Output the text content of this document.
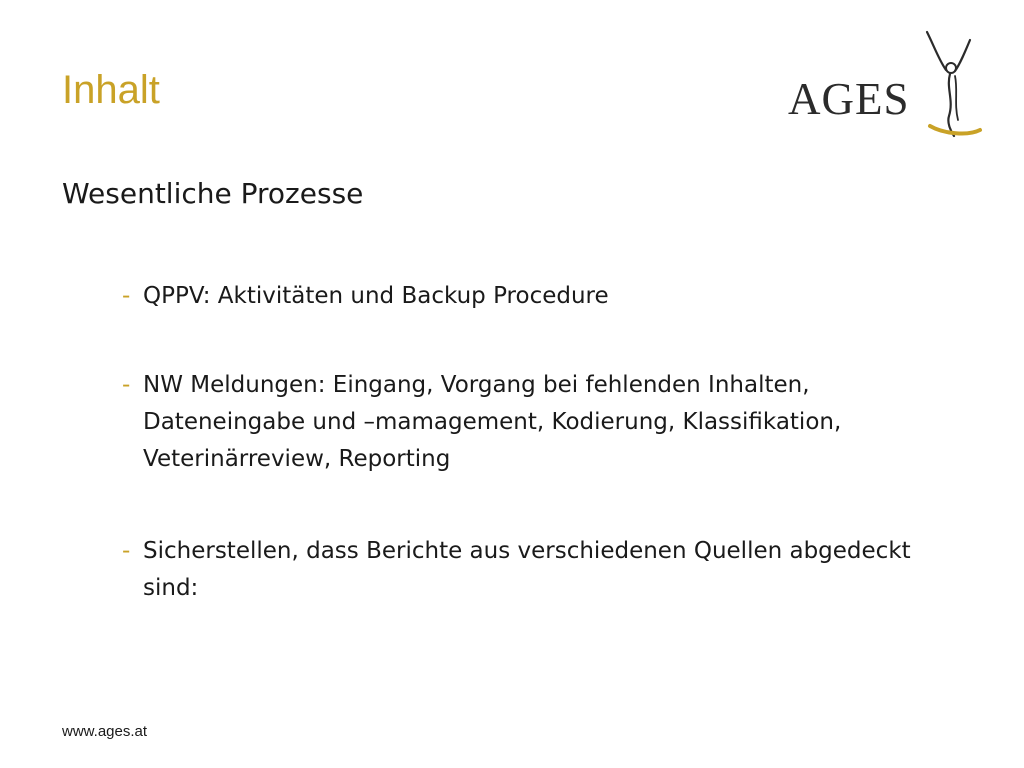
Inhalt	AGES
Wesentliche Prozesse

- QPPV: Aktivitäten und Backup Procedure

- NW Meldungen: Eingang, Vorgang bei fehlenden Inhalten, Dateneingabe und –mamagement, Kodierung, Klassifikation, Veterinärreview, Reporting

- Sicherstellen, dass Berichte aus verschiedenen Quellen abgedeckt sind:

www.ages.at
